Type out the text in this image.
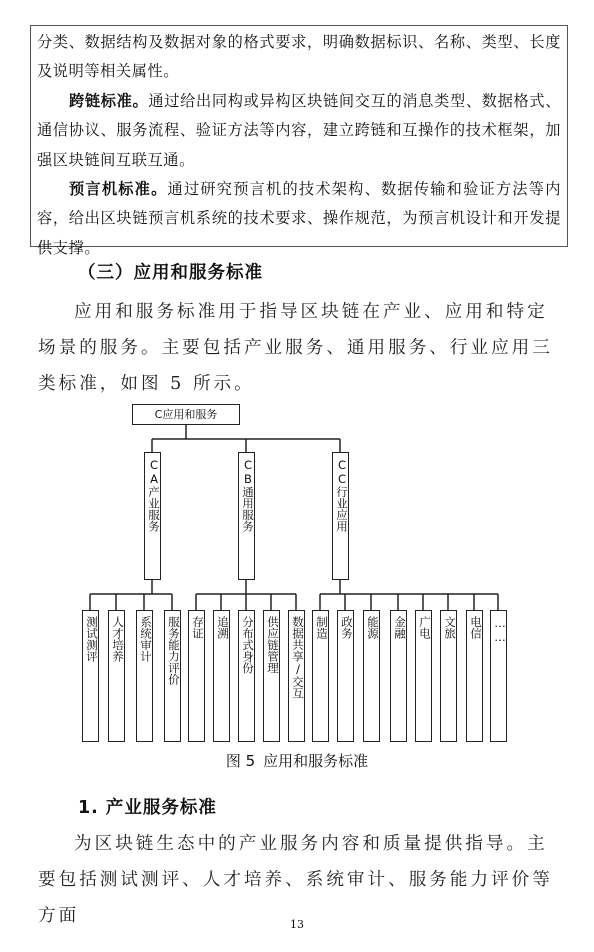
分类、数据结构及数据对象的格式要求，明确数据标识、名称、类型、长度及说明等相关属性。

跨链标准。通过给出同构或异构区块链间交互的消息类型、数据格式、通信协议、服务流程、验证方法等内容，建立跨链和互操作的技术框架，加强区块链间互联互通。

预言机标准。通过研究预言机的技术架构、数据传输和验证方法等内容，给出区块链预言机系统的技术要求、操作规范，为预言机设计和开发提供支撑。

（三）应用和服务标准

应用和服务标准用于指导区块链在产业、应用和特定场景的服务。主要包括产业服务、通用服务、行业应用三类标准，如图 5 所示。

C应用和服务
CA产业服务	CB通用服务	CC行业应用
测试测评 人才培养 系统审计 服务能力评价 存证 追溯 分布式身份 供应链管理 数据共享/交互 制造 政务 能源 金融 广电 文旅 电信 ……
图 5 应用和服务标准
1. 产业服务标准

为区块链生态中的产业服务内容和质量提供指导。主要包括测试测评、人才培养、系统审计、服务能力评价等方面	13
